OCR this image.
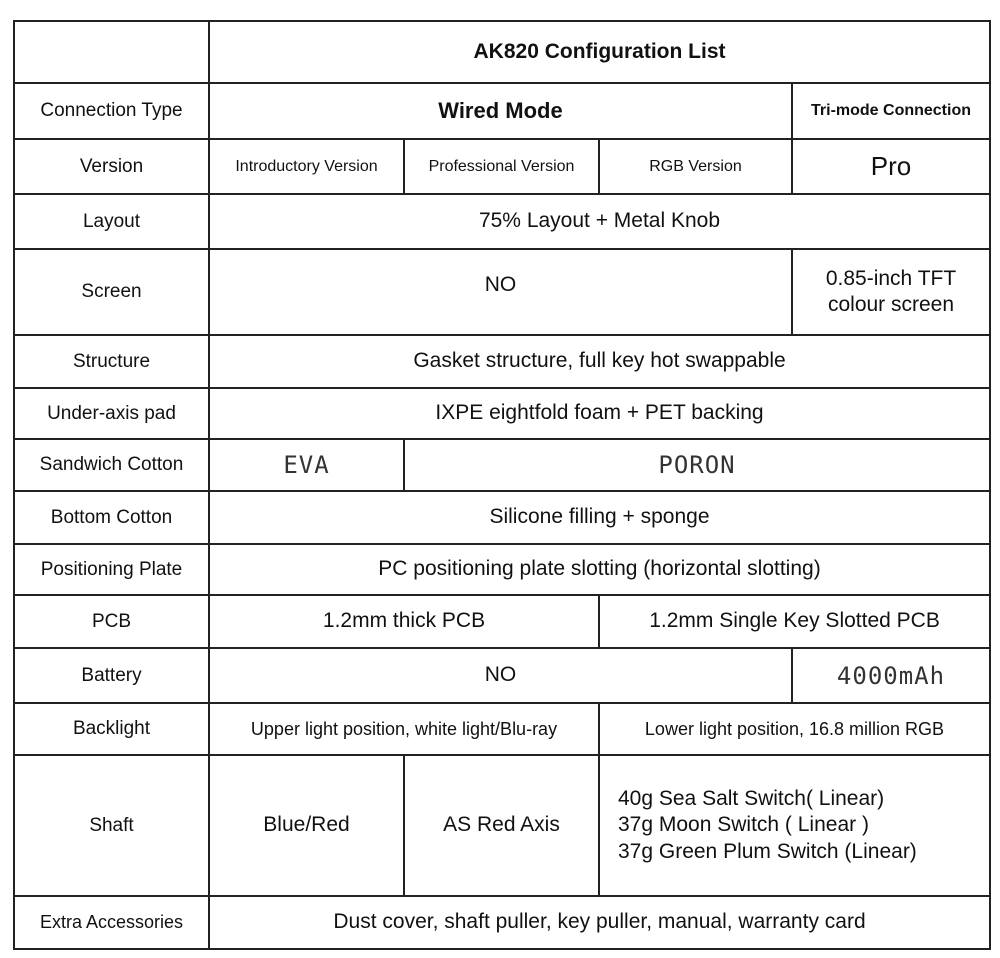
	AK820 Configuration List			
Connection Type	Wired Mode			Tri-mode Connection
Version	Introductory Version	Professional Version	RGB Version	Pro
Layout	75% Layout + Metal Knob			
Screen	NO			0.85-inch TFT
colour screen

Structure	Gasket structure, full key hot swappable			
Under-axis pad	IXPE eightfold foam + PET backing			
Sandwich Cotton	EVA	PORON		
Bottom Cotton	Silicone filling + sponge			
Positioning Plate	PC positioning plate slotting (horizontal slotting)			
PCB	1.2mm thick PCB		1.2mm Single Key Slotted PCB	
Battery	NO			4000mAh
Backlight	Upper light position, white light/Blu-ray		Lower light position, 16.8 million RGB	
Shaft	Blue/Red	AS Red Axis	40g Sea Salt Switch( Linear)
37g Moon Switch ( Linear )
37g Green Plum Switch (Linear)	

Extra Accessories	Dust cover, shaft puller, key puller, manual, warranty card			
